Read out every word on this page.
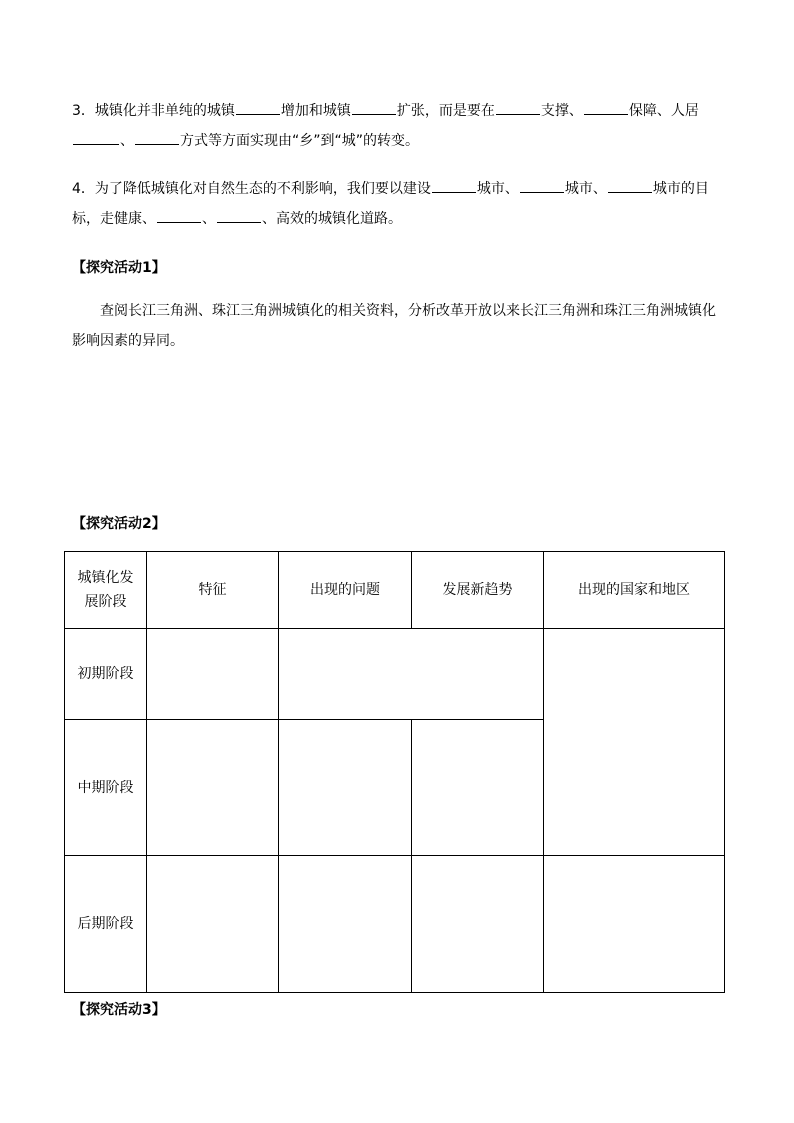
3．城镇化并非单纯的城镇	增加和城镇	扩张，而是要在	支撑、	保障、人居
、	方式等方面实现由“乡”到“城”的转变。
4．为了降低城镇化对自然生态的不利影响，我们要以建设	城市、	城市、	城市的目标，走健康、	、	、高效的城镇化道路。
【探究活动1】
查阅长江三角洲、珠江三角洲城镇化的相关资料，分析改革开放以来长江三角洲和珠江三角洲城镇化影响因素的异同。
【探究活动2】
城镇化发展阶段	特征	出现的问题	发展新趋势	出现的国家和地区
初期阶段				
中期阶段				
后期阶段				
【探究活动3】
